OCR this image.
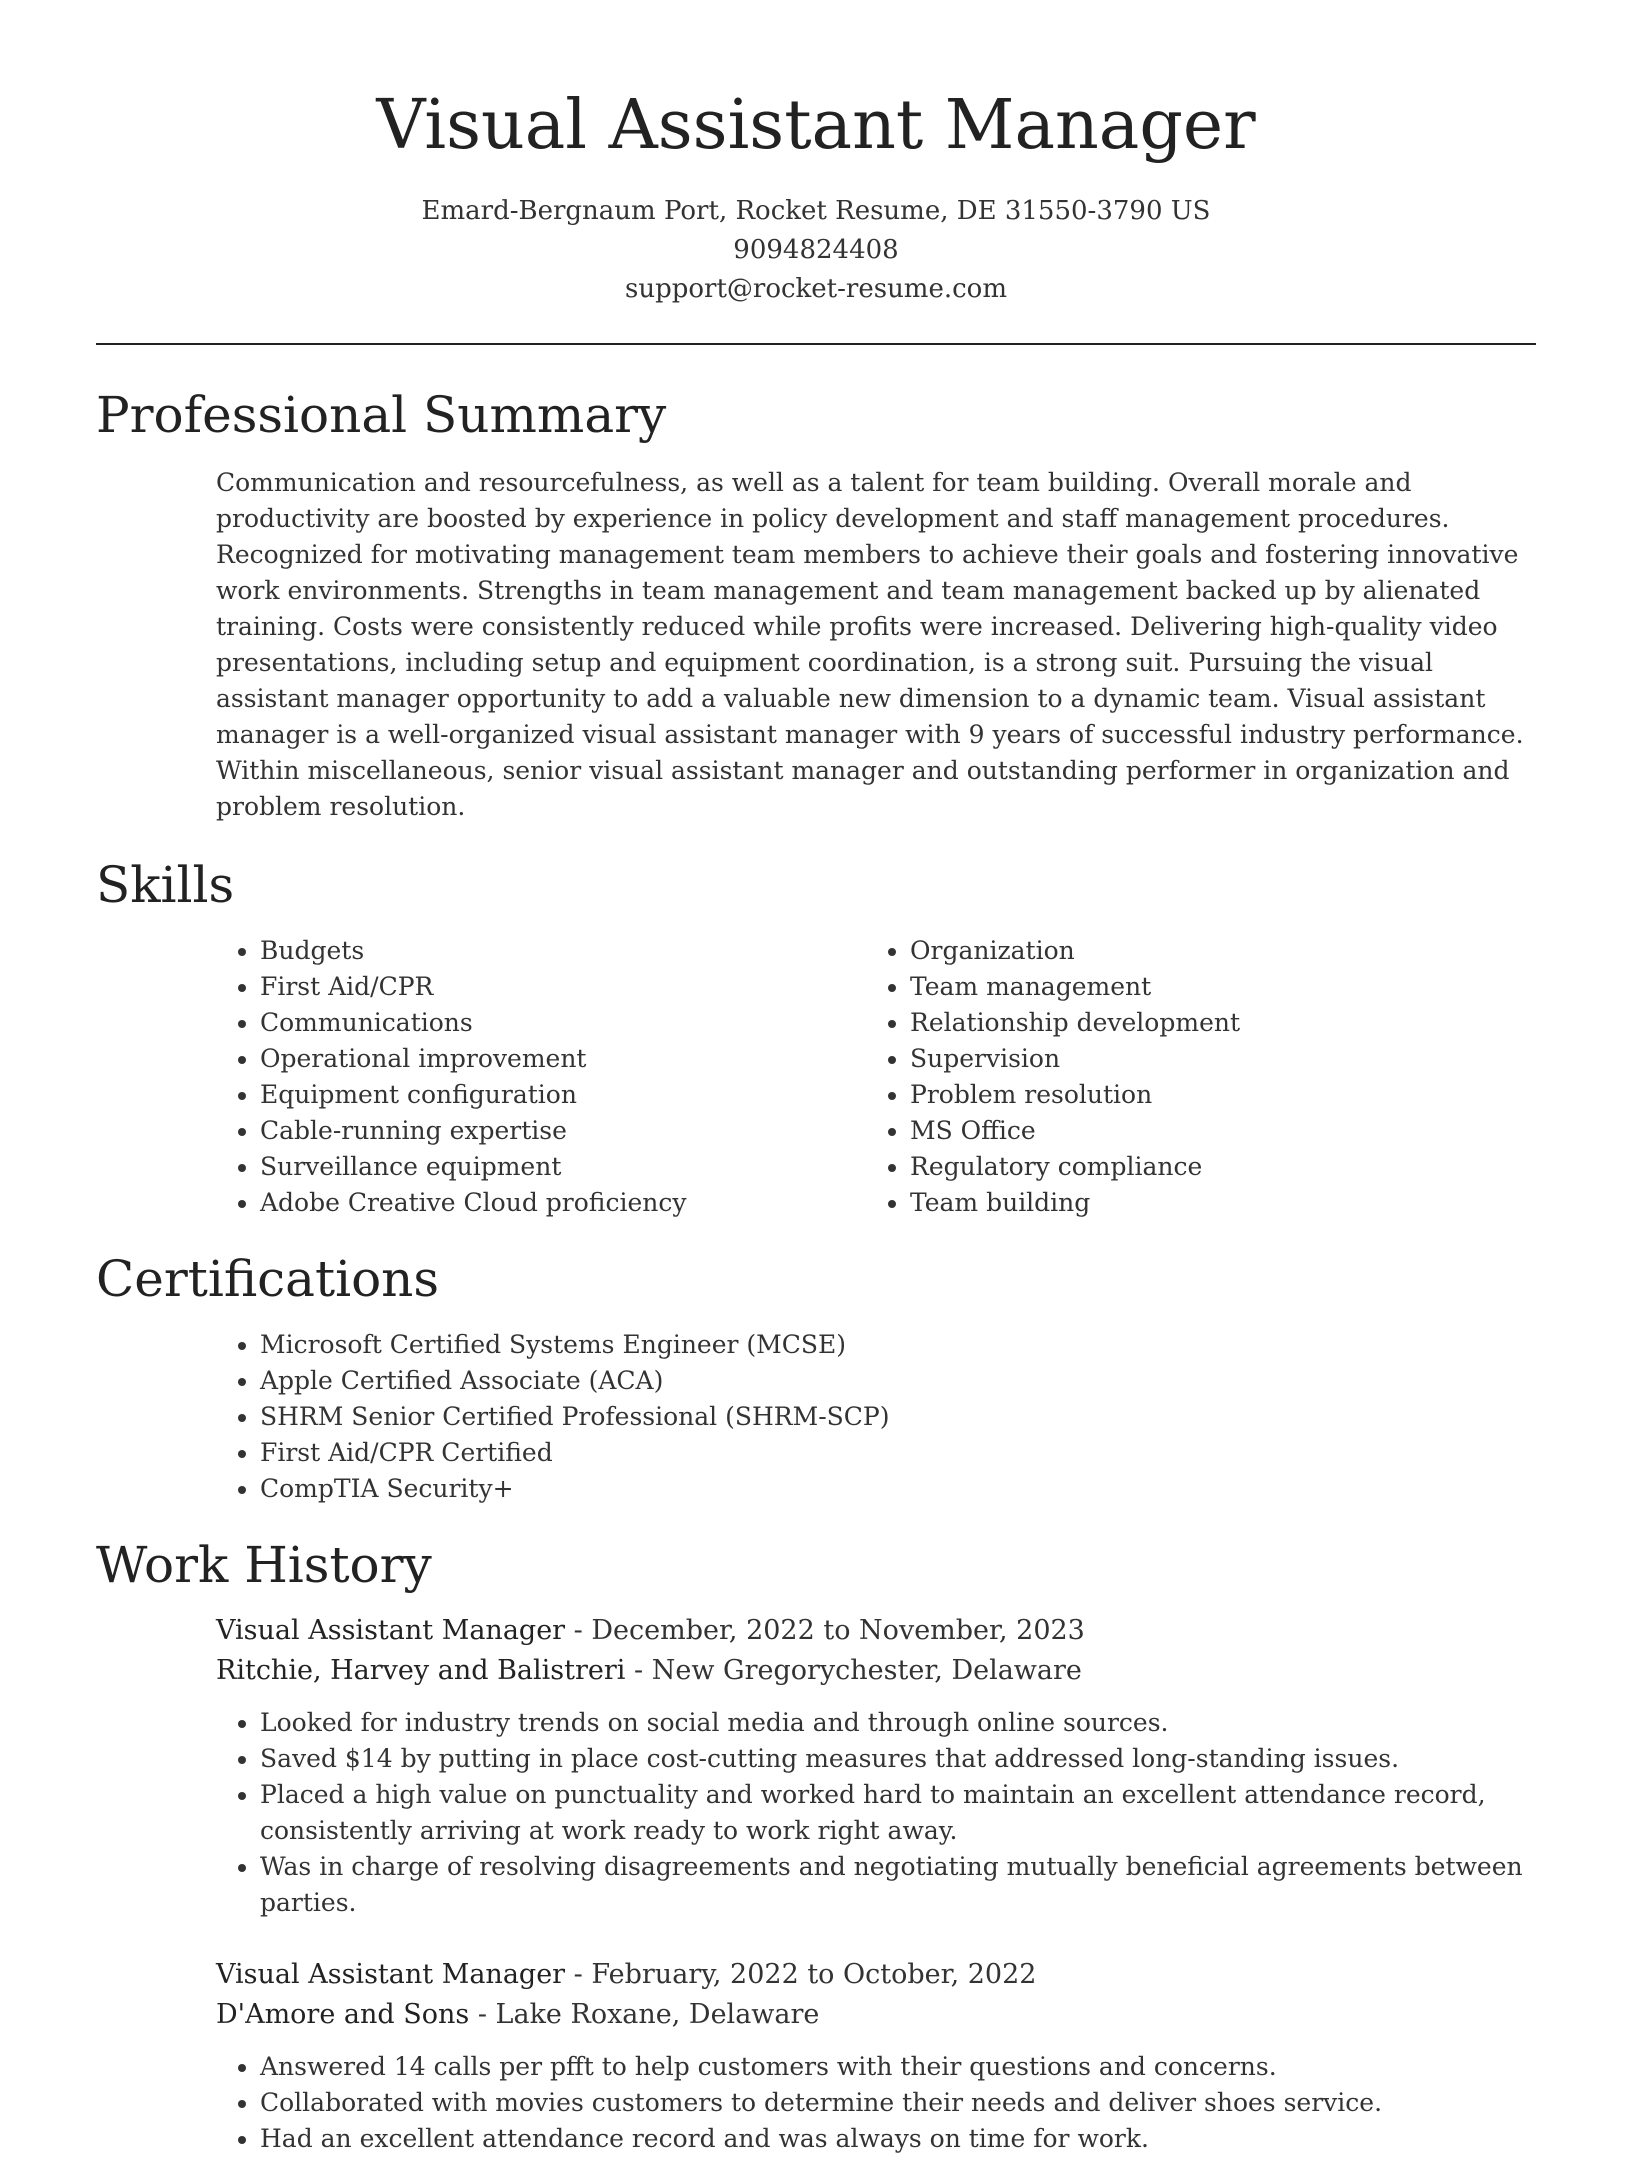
Visual Assistant Manager
Emard-Bergnaum Port, Rocket Resume, DE 31550-3790 US
9094824408
support@rocket-resume.com
Professional Summary

Communication and resourcefulness, as well as a talent for team building. Overall morale and productivity are boosted by experience in policy development and staff management procedures. Recognized for motivating management team members to achieve their goals and fostering innovative work environments. Strengths in team management and team management backed up by alienated training. Costs were consistently reduced while profits were increased. Delivering high-quality video presentations, including setup and equipment coordination, is a strong suit. Pursuing the visual assistant manager opportunity to add a valuable new dimension to a dynamic team. Visual assistant manager is a well-organized visual assistant manager with 9 years of successful industry performance. Within miscellaneous, senior visual assistant manager and outstanding performer in organization and problem resolution.

Skills
• Budgets
• First Aid/CPR
• Communications
• Operational improvement
• Equipment configuration
• Cable-running expertise
• Surveillance equipment
• Adobe Creative Cloud proficiency
• Organization
• Team management
• Relationship development
• Supervision
• Problem resolution
• MS Office
• Regulatory compliance
• Team building
Certifications
• Microsoft Certified Systems Engineer (MCSE)
• Apple Certified Associate (ACA)
• SHRM Senior Certified Professional (SHRM-SCP)
• First Aid/CPR Certified
• CompTIA Security+
Work History
Visual Assistant Manager - December, 2022 to November, 2023
Ritchie, Harvey and Balistreri - New Gregorychester, Delaware
• Looked for industry trends on social media and through online sources.
• Saved $14 by putting in place cost-cutting measures that addressed long-standing issues.
• Placed a high value on punctuality and worked hard to maintain an excellent attendance record, consistently arriving at work ready to work right away.
• Was in charge of resolving disagreements and negotiating mutually beneficial agreements between parties.
Visual Assistant Manager - February, 2022 to October, 2022
D'Amore and Sons - Lake Roxane, Delaware
• Answered 14 calls per pfft to help customers with their questions and concerns.
• Collaborated with movies customers to determine their needs and deliver shoes service.
• Had an excellent attendance record and was always on time for work.
